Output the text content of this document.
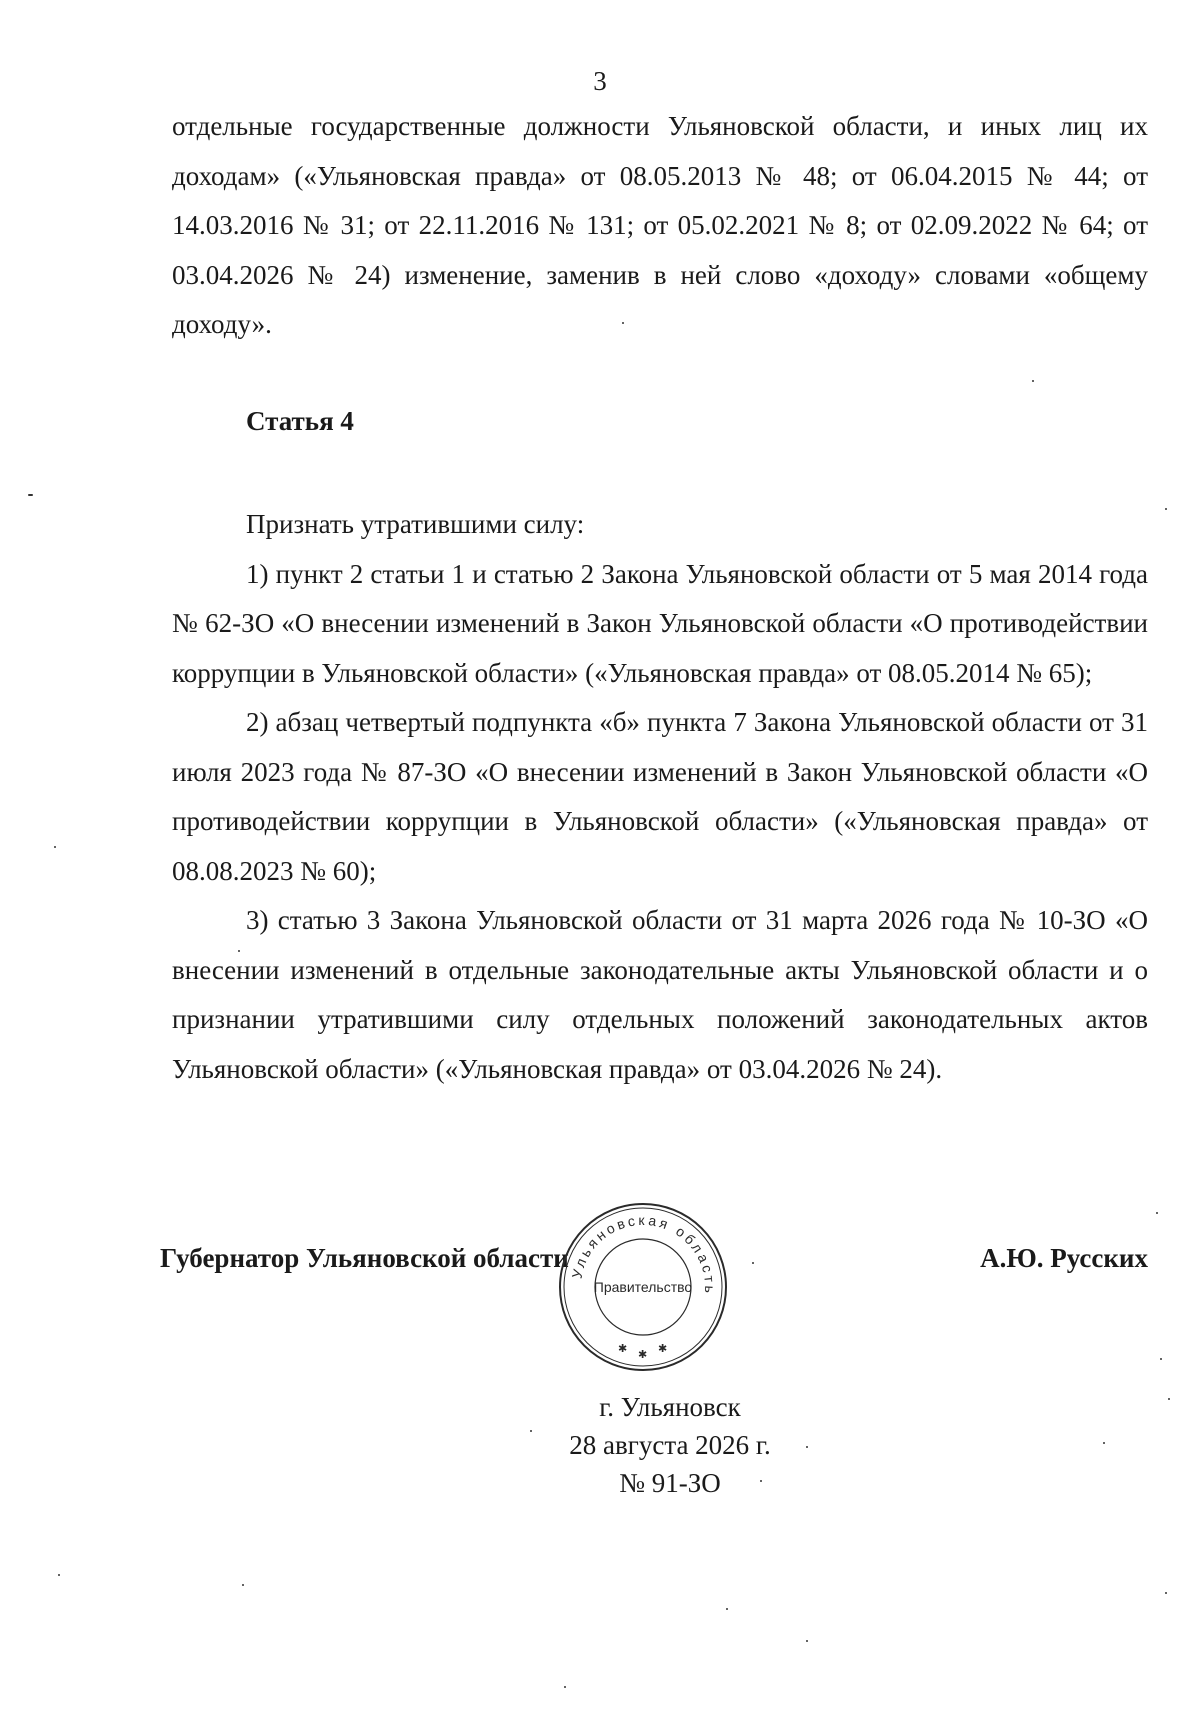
3

отдельные государственные должности Ульяновской области, и иных лиц их доходам» («Ульяновская правда» от 08.05.2013 № 48; от 06.04.2015 № 44; от 14.03.2016 № 31; от 22.11.2016 № 131; от 05.02.2021 № 8; от 02.09.2022 № 64; от 03.04.2026 № 24) изменение, заменив в ней слово «доходу» словами «общему доходу».

Статья 4

Признать утратившими силу:

1) пункт 2 статьи 1 и статью 2 Закона Ульяновской области от 5 мая 2014 года № 62-ЗО «О внесении изменений в Закон Ульяновской области «О противодействии коррупции в Ульяновской области» («Ульяновская правда» от 08.05.2014 № 65);

2) абзац четвертый подпункта «б» пункта 7 Закона Ульяновской области от 31 июля 2023 года № 87-ЗО «О внесении изменений в Закон Ульяновской области «О противодействии коррупции в Ульяновской области» («Ульяновская правда» от 08.08.2023 № 60);

3) статью 3 Закона Ульяновской области от 31 марта 2026 года № 10-ЗО «О внесении изменений в отдельные законодательные акты Ульяновской области и о признании утратившими силу отдельных положений законодательных актов Ульяновской области» («Ульяновская правда» от 03.04.2026 № 24).

Губернатор Ульяновской области	А.Ю. Русских
Ульяновская область
Правительство
✱ ✱ ✱
г. Ульяновск
28 августа 2026 г.
№ 91-ЗО
